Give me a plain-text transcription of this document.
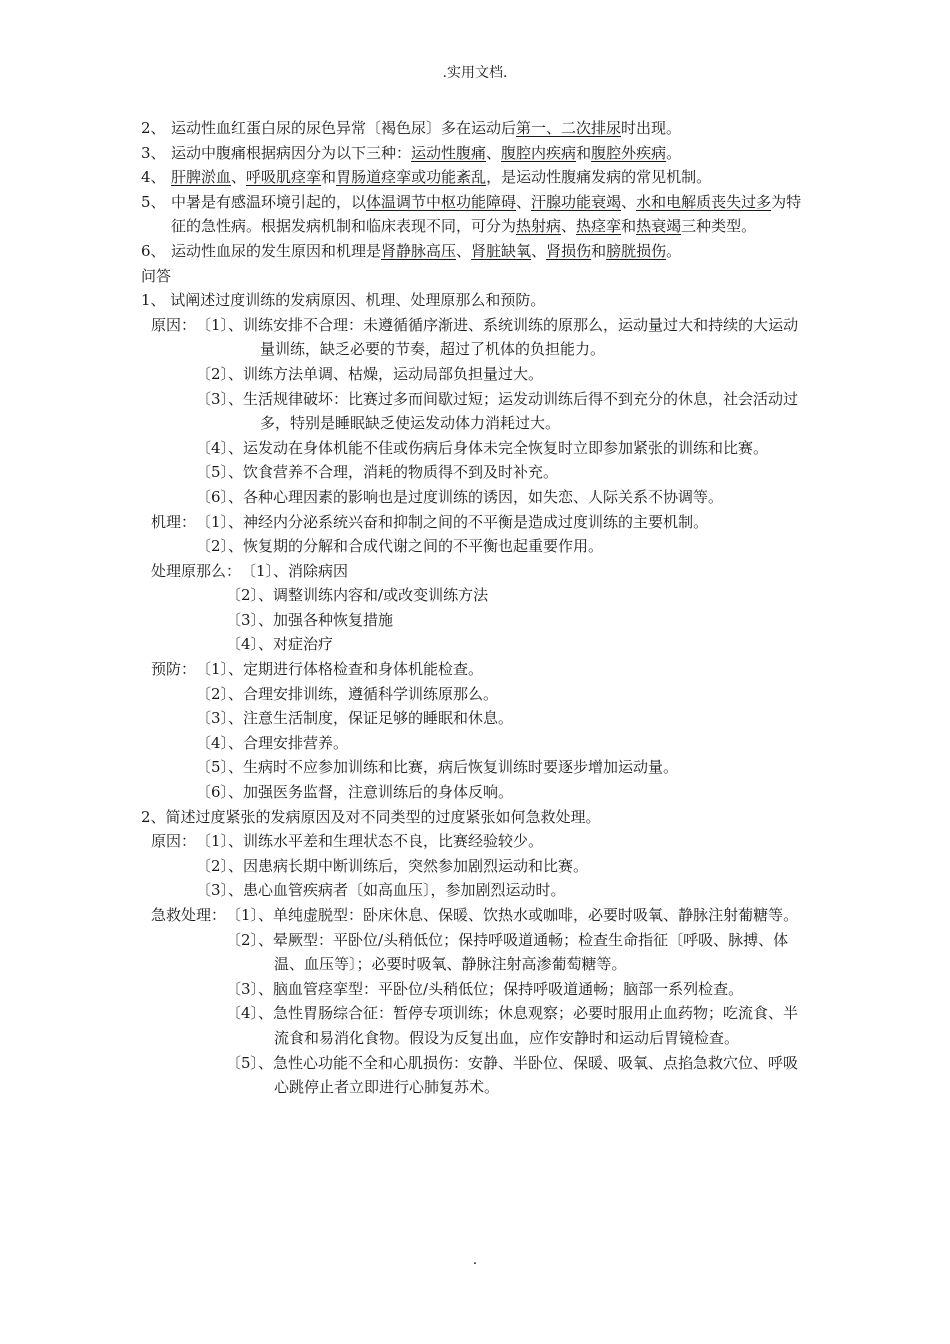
.实用文档.

2、 运动性血红蛋白尿的尿色异常〔褐色尿〕多在运动后第一、二次排尿时出现。

3、 运动中腹痛根据病因分为以下三种：运动性腹痛、腹腔内疾病和腹腔外疾病。

4、 肝脾淤血、呼吸肌痉挛和胃肠道痉挛或功能紊乱，是运动性腹痛发病的常见机制。

5、 中暑是有感温环境引起的，以体温调节中枢功能障碍、汗腺功能衰竭、水和电解质丧失过多为特征的急性病。根据发病机制和临床表现不同，可分为热射病、热痉挛和热衰竭三种类型。

6、 运动性血尿的发生原因和机理是肾静脉高压、肾脏缺氧、肾损伤和膀胱损伤。

问答

1、 试阐述过度训练的发病原因、机理、处理原那么和预防。

原因： 〔1〕、训练安排不合理：未遵循循序渐进、系统训练的原那么，运动量过大和持续的大运动量训练，缺乏必要的节奏，超过了机体的负担能力。
〔2〕、训练方法单调、枯燥，运动局部负担量过大。
〔3〕、生活规律破坏：比赛过多而间歇过短；运发动训练后得不到充分的休息，社会活动过多，特别是睡眠缺乏使运发动体力消耗过大。
〔4〕、运发动在身体机能不佳或伤病后身体未完全恢复时立即参加紧张的训练和比赛。
〔5〕、饮食营养不合理，消耗的物质得不到及时补充。
〔6〕、各种心理因素的影响也是过度训练的诱因，如失恋、人际关系不协调等。
机理： 〔1〕、神经内分泌系统兴奋和抑制之间的不平衡是造成过度训练的主要机制。
〔2〕、恢复期的分解和合成代谢之间的不平衡也起重要作用。
处理原那么： 〔1〕、消除病因
〔2〕、调整训练内容和/或改变训练方法
〔3〕、加强各种恢复措施
〔4〕、对症治疗
预防： 〔1〕、定期进行体格检查和身体机能检查。
〔2〕、合理安排训练，遵循科学训练原那么。
〔3〕、注意生活制度，保证足够的睡眠和休息。
〔4〕、合理安排营养。
〔5〕、生病时不应参加训练和比赛，病后恢复训练时要逐步增加运动量。
〔6〕、加强医务监督，注意训练后的身体反响。

2、简述过度紧张的发病原因及对不同类型的过度紧张如何急救处理。

原因： 〔1〕、训练水平差和生理状态不良，比赛经验较少。
〔2〕、因患病长期中断训练后，突然参加剧烈运动和比赛。
〔3〕、患心血管疾病者〔如高血压〕，参加剧烈运动时。
急救处理： 〔1〕、单纯虚脱型：卧床休息、保暖、饮热水或咖啡，必要时吸氧、静脉注射葡糖等。
〔2〕、晕厥型：平卧位/头稍低位；保持呼吸道通畅；检查生命指征〔呼吸、脉搏、体温、血压等〕；必要时吸氧、静脉注射高渗葡萄糖等。
〔3〕、脑血管痉挛型：平卧位/头稍低位；保持呼吸道通畅；脑部一系列检查。
〔4〕、急性胃肠综合征：暂停专项训练；休息观察；必要时服用止血药物；吃流食、半流食和易消化食物。假设为反复出血，应作安静时和运动后胃镜检查。
〔5〕、急性心功能不全和心肌损伤：安静、半卧位、保暖、吸氧、点掐急救穴位、呼吸心跳停止者立即进行心肺复苏术。
.
